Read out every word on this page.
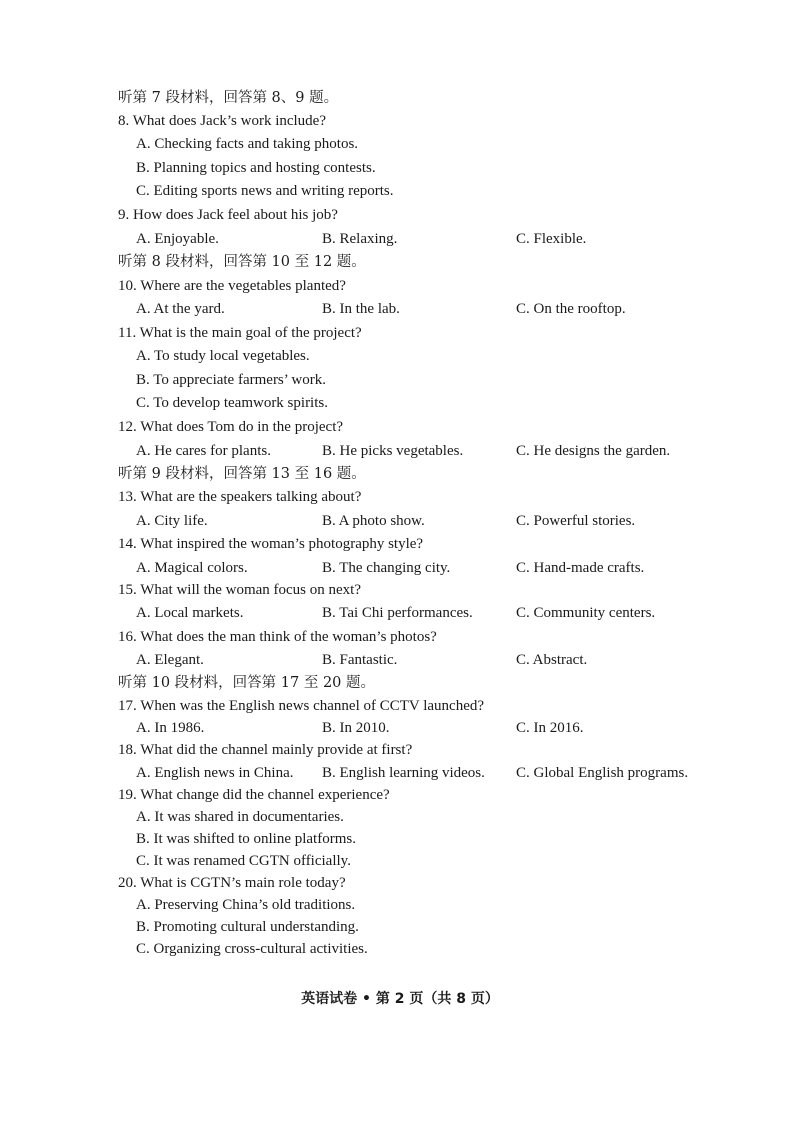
听第 7 段材料，回答第 8、9 题。
8. What does Jack’s work include?
A. Checking facts and taking photos.
B. Planning topics and hosting contests.
C. Editing sports news and writing reports.
9. How does Jack feel about his job?
A. Enjoyable.	B. Relaxing.	C. Flexible.
听第 8 段材料，回答第 10 至 12 题。
10. Where are the vegetables planted?
A. At the yard.	B. In the lab.	C. On the rooftop.
11. What is the main goal of the project?
A. To study local vegetables.
B. To appreciate farmers’ work.
C. To develop teamwork spirits.
12. What does Tom do in the project?
A. He cares for plants.	B. He picks vegetables.	C. He designs the garden.
听第 9 段材料，回答第 13 至 16 题。
13. What are the speakers talking about?
A. City life.	B. A photo show.	C. Powerful stories.
14. What inspired the woman’s photography style?
A. Magical colors.	B. The changing city.	C. Hand-made crafts.
15. What will the woman focus on next?
A. Local markets.	B. Tai Chi performances.	C. Community centers.
16. What does the man think of the woman’s photos?
A. Elegant.	B. Fantastic.	C. Abstract.
听第 10 段材料，回答第 17 至 20 题。
17. When was the English news channel of CCTV launched?
A. In 1986.	B. In 2010.	C. In 2016.
18. What did the channel mainly provide at first?
A. English news in China. B. English learning videos. C. Global English programs.
19. What change did the channel experience?
A. It was shared in documentaries.
B. It was shifted to online platforms.
C. It was renamed CGTN officially.
20. What is CGTN’s main role today?
A. Preserving China’s old traditions.
B. Promoting cultural understanding.
C. Organizing cross-cultural activities.
英语试卷 • 第 2 页（共 8 页）
